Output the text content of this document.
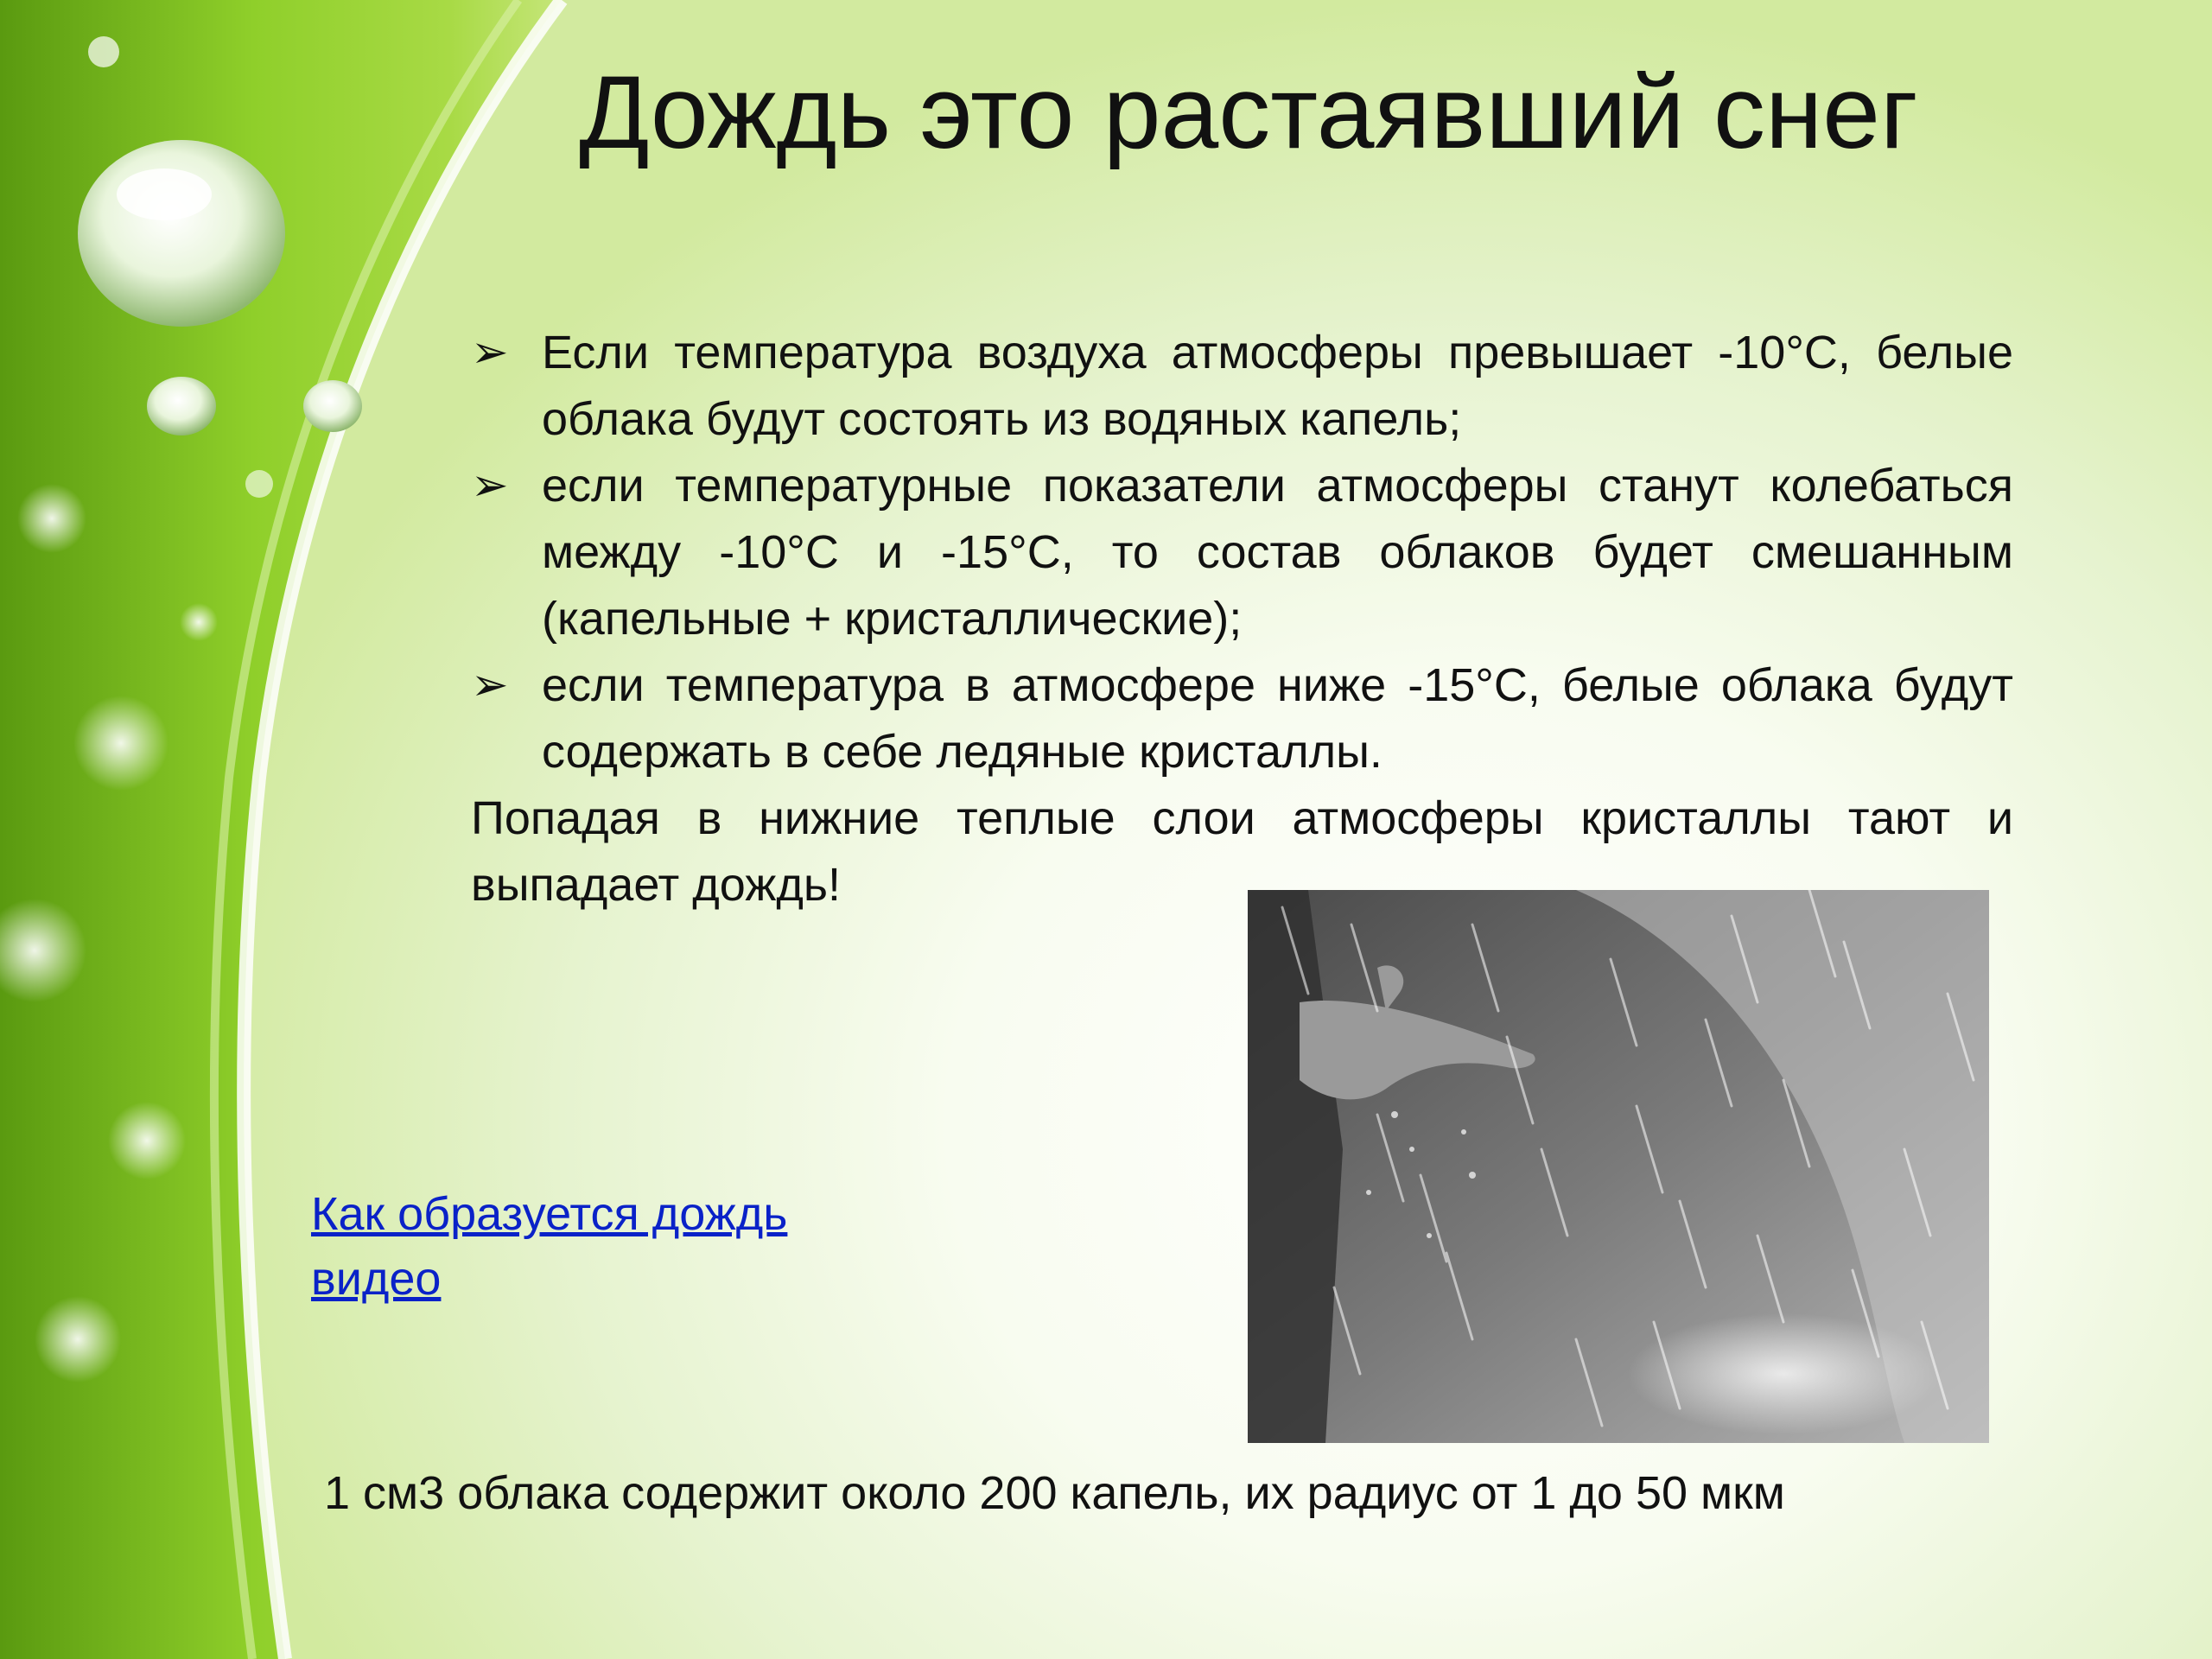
Дождь это растаявший снег
➢ Если температура воздуха атмосферы превышает -10°С, белые облака будут состоять из водяных капель;
➢ если температурные показатели атмосферы станут колебаться между -10°С и -15°С, то состав облаков будет смешанным (капельные + кристаллические);
➢ если температура в атмосфере ниже -15°С, белые облака будут содержать в себе ледяные кристаллы.
Попадая в нижние теплые слои атмосферы кристаллы тают и выпадает дождь!
Как образуется дождь видео
1 см3 облака содержит около 200 капель, их радиус от 1 до 50 мкм
